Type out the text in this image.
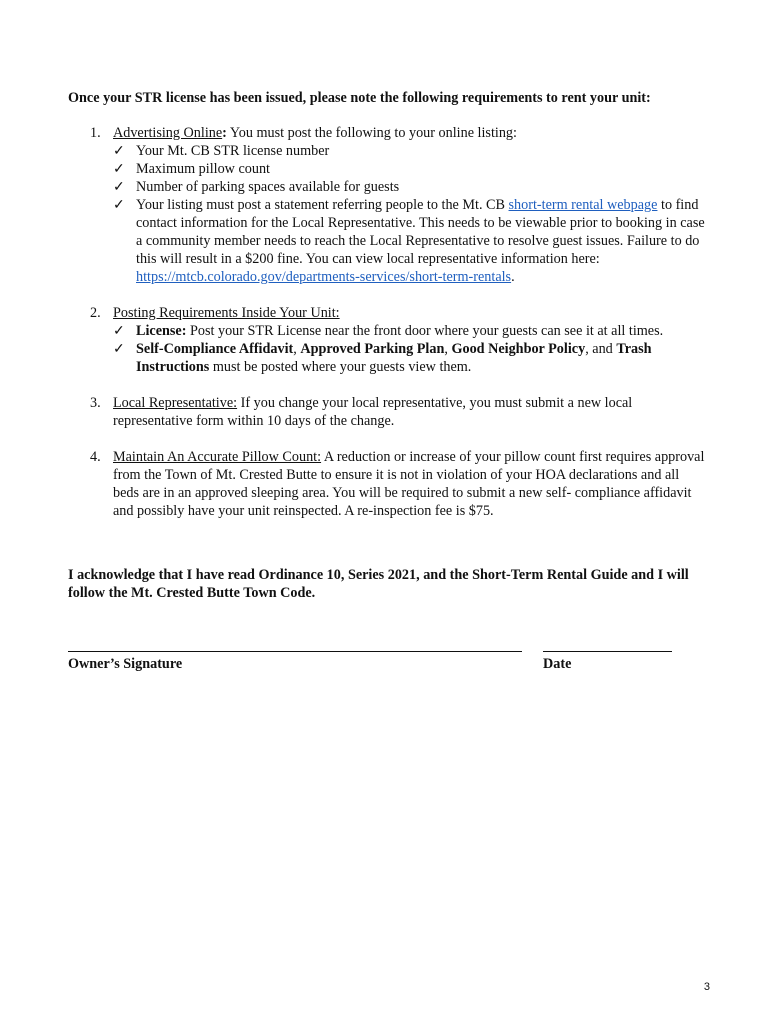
Once your STR license has been issued, please note the following requirements to rent your unit:
1. Advertising Online: You must post the following to your online listing:
✓ Your Mt. CB STR license number
✓ Maximum pillow count
✓ Number of parking spaces available for guests
✓ Your listing must post a statement referring people to the Mt. CB short-term rental webpage to find contact information for the Local Representative. This needs to be viewable prior to booking in case a community member needs to reach the Local Representative to resolve guest issues. Failure to do this will result in a $200 fine. You can view local representative information here: https://mtcb.colorado.gov/departments-services/short-term-rentals.
2. Posting Requirements Inside Your Unit:
✓ License: Post your STR License near the front door where your guests can see it at all times.
✓ Self-Compliance Affidavit, Approved Parking Plan, Good Neighbor Policy, and Trash Instructions must be posted where your guests view them.
3. Local Representative: If you change your local representative, you must submit a new local representative form within 10 days of the change.
4. Maintain An Accurate Pillow Count: A reduction or increase of your pillow count first requires approval from the Town of Mt. Crested Butte to ensure it is not in violation of your HOA declarations and all beds are in an approved sleeping area. You will be required to submit a new self- compliance affidavit and possibly have your unit reinspected. A re-inspection fee is $75.
I acknowledge that I have read Ordinance 10, Series 2021, and the Short-Term Rental Guide and I will follow the Mt. Crested Butte Town Code.
Owner’s Signature	Date
3
